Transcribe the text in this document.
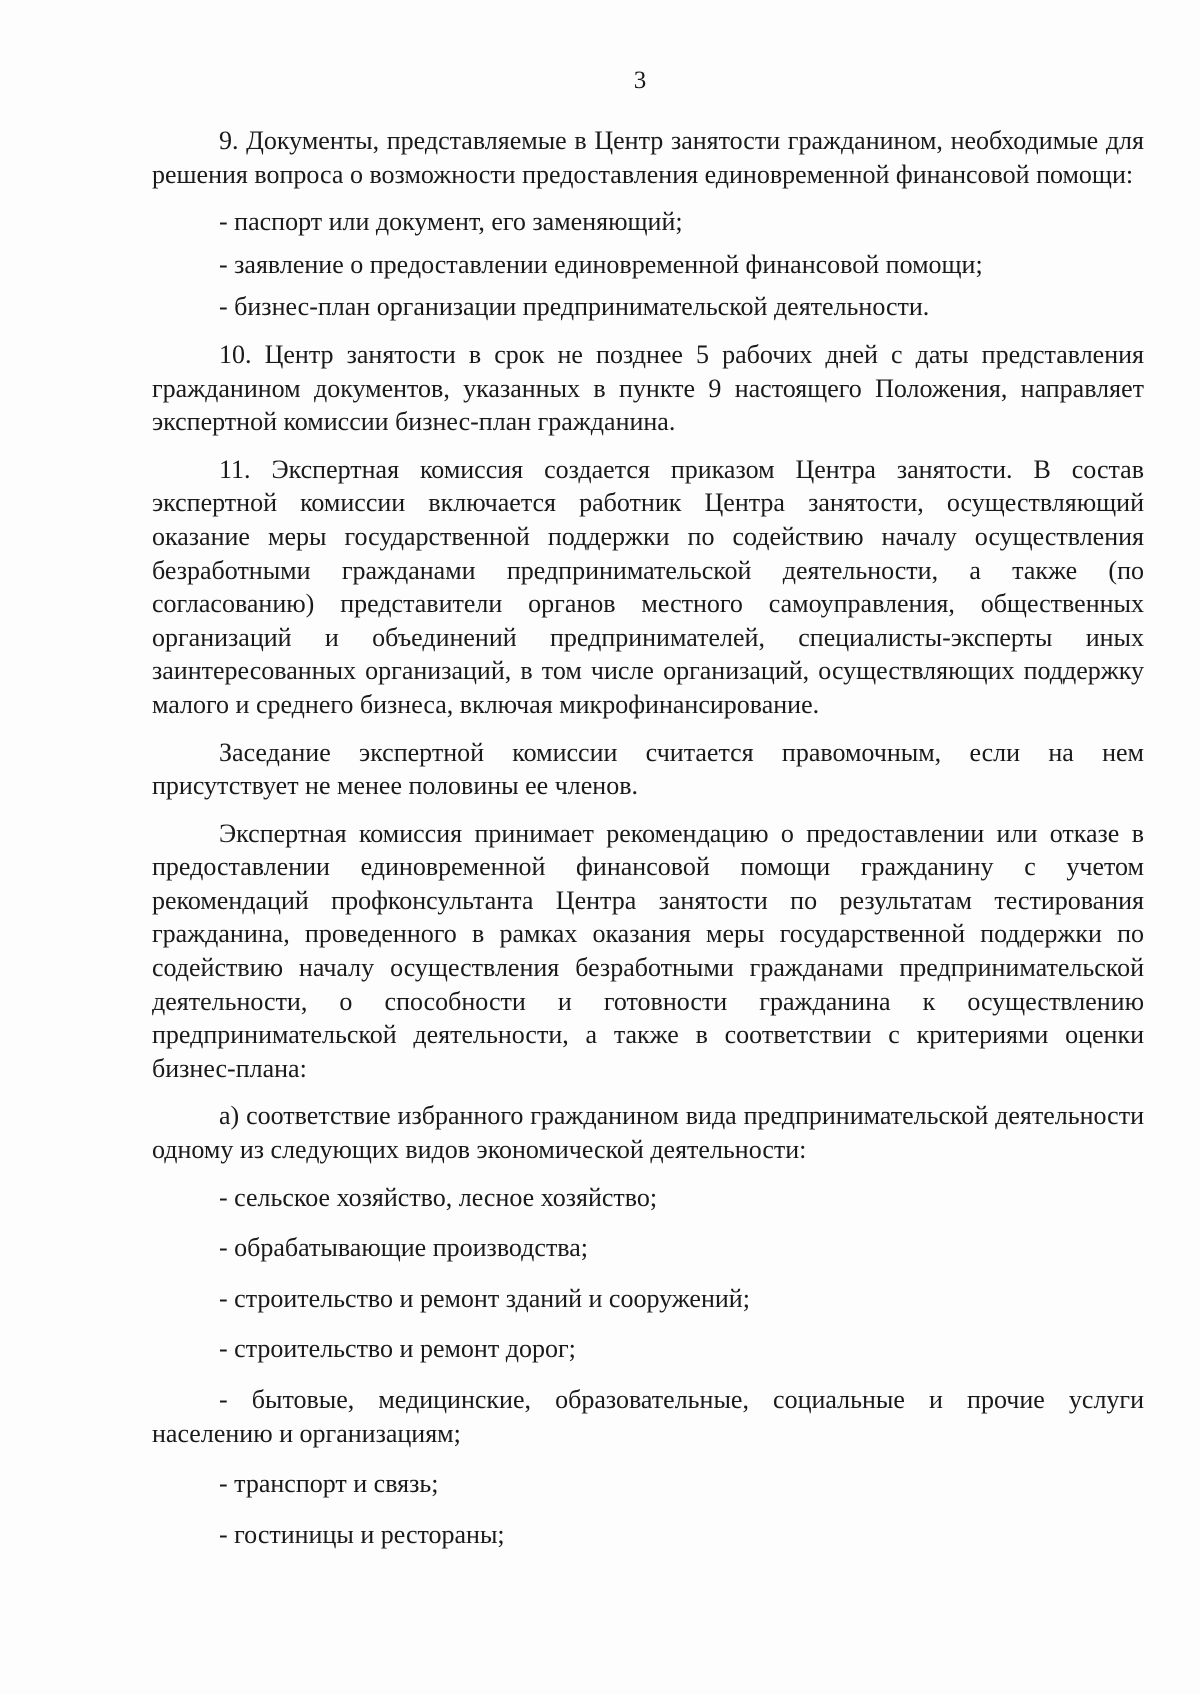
3

9. Документы, представляемые в Центр занятости гражданином, необходимые для решения вопроса о возможности предоставления единовременной финансовой помощи:

- паспорт или документ, его заменяющий;

- заявление о предоставлении единовременной финансовой помощи;

- бизнес-план организации предпринимательской деятельности.

10. Центр занятости в срок не позднее 5 рабочих дней с даты представления гражданином документов, указанных в пункте 9 настоящего Положения, направляет экспертной комиссии бизнес-план гражданина.

11. Экспертная комиссия создается приказом Центра занятости. В состав экспертной комиссии включается работник Центра занятости, осуществляющий оказание меры государственной поддержки по содействию началу осуществления безработными гражданами предпринимательской деятельности, а также (по согласованию) представители органов местного самоуправления, общественных организаций и объединений предпринимателей, специалисты-эксперты иных заинтересованных организаций, в том числе организаций, осуществляющих поддержку малого и среднего бизнеса, включая микрофинансирование.

Заседание экспертной комиссии считается правомочным, если на нем присутствует не менее половины ее членов.

Экспертная комиссия принимает рекомендацию о предоставлении или отказе в предоставлении единовременной финансовой помощи гражданину с учетом рекомендаций профконсультанта Центра занятости по результатам тестирования гражданина, проведенного в рамках оказания меры государственной поддержки по содействию началу осуществления безработными гражданами предпринимательской деятельности, о способности и готовности гражданина к осуществлению предпринимательской деятельности, а также в соответствии с критериями оценки бизнес-плана:

а) соответствие избранного гражданином вида предпринимательской деятельности одному из следующих видов экономической деятельности:

- сельское хозяйство, лесное хозяйство;

- обрабатывающие производства;

- строительство и ремонт зданий и сооружений;

- строительство и ремонт дорог;

- бытовые, медицинские, образовательные, социальные и прочие услуги населению и организациям;

- транспорт и связь;

- гостиницы и рестораны;
